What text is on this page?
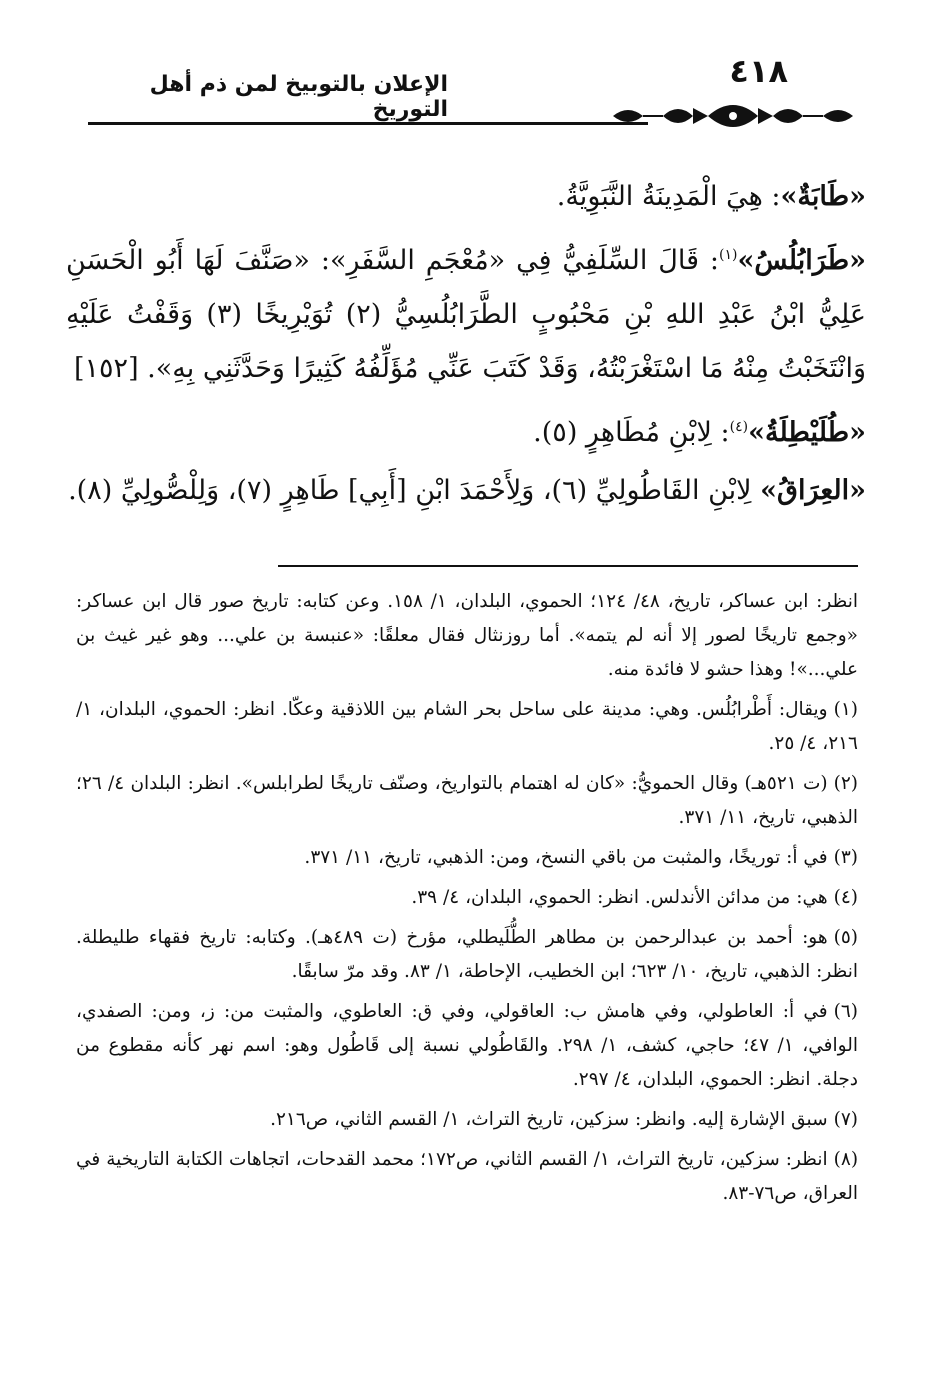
٤١٨
الإعلان بالتوبيخ لمن ذم أهل التوريخ

«طَابَةٌ»: هِيَ الْمَدِينَةُ النَّبَوِيَّةُ.

«طَرَابُلُسُ»$^{(١)}$: قَالَ السِّلَفِيُّ فِي «مُعْجَمِ السَّفَرِ»: «صَنَّفَ لَهَا أَبُو الْحَسَنِ عَلِيُّ ابْنُ عَبْدِ اللهِ بْنِ مَحْبُوبٍ الطَّرَابُلُسِيُّ (٢) تُوَيْرِيخًا (٣) وَقَفْتُ عَلَيْهِ وَانْتَخَبْتُ مِنْهُ مَا اسْتَغْرَبْتُهُ، وَقَدْ كَتَبَ عَنِّي مُؤَلِّفُهُ كَثِيرًا وَحَدَّثَنِي بِهِ». [١٥٢]

«طُلَيْطِلَةُ»$^{(٤)}$: لِابْنِ مُطَاهِرٍ (٥).

«العِرَاقُ» لِابْنِ القَاطُولِيِّ (٦)، وَلِأَحْمَدَ ابْنِ [أَبِي] طَاهِرٍ (٧)، وَلِلْصُّولِيِّ (٨).

انظر: ابن عساكر، تاريخ، ٤٨/ ١٢٤؛ الحموي، البلدان، ١/ ١٥٨. وعن كتابه: تاريخ صور قال ابن عساكر: «وجمع تاريخًا لصور إلا أنه لم يتمه». أما روزنثال فقال معلقًا: «عنبسة بن علي... وهو غير غيث بن علي...»! وهذا حشو لا فائدة منه.

(١)ويقال: أَطْرابُلُس. وهي: مدينة على ساحل بحر الشام بين اللاذقية وعكّا. انظر: الحموي، البلدان، ١/ ٢١٦، ٤/ ٢٥.

(٢)(ت ٥٢١هـ) وقال الحمويُّ: «كان له اهتمام بالتواريخ، وصنّف تاريخًا لطرابلس». انظر: البلدان ٤/ ٢٦؛ الذهبي، تاريخ، ١١/ ٣٧١.

(٣)في أ: توريخًا، والمثبت من باقي النسخ، ومن: الذهبي، تاريخ، ١١/ ٣٧١.

(٤)هي: من مدائن الأندلس. انظر: الحموي، البلدان، ٤/ ٣٩.

(٥)هو: أحمد بن عبدالرحمن بن مطاهر الطُّلَيطلي، مؤرخ (ت ٤٨٩هـ). وكتابه: تاريخ فقهاء طليطلة. انظر: الذهبي، تاريخ، ١٠/ ٦٢٣؛ ابن الخطيب، الإحاطة، ١/ ٨٣. وقد مرّ سابقًا.

(٦)في أ: العاطولي، وفي هامش ب: العاقولي، وفي ق: العاطوي، والمثبت من: ز، ومن: الصفدي، الوافي، ١/ ٤٧؛ حاجي، كشف، ١/ ٢٩٨. والقَاطُولي نسبة إلى قَاطُول وهو: اسم نهر كأنه مقطوع من دجلة. انظر: الحموي، البلدان، ٤/ ٢٩٧.

(٧)سبق الإشارة إليه. وانظر: سزكين، تاريخ التراث، ١/ القسم الثاني، ص٢١٦.

(٨)انظر: سزكين، تاريخ التراث، ١/ القسم الثاني، ص١٧٢؛ محمد القدحات، اتجاهات الكتابة التاريخية في العراق، ص٧٦-٨٣.
